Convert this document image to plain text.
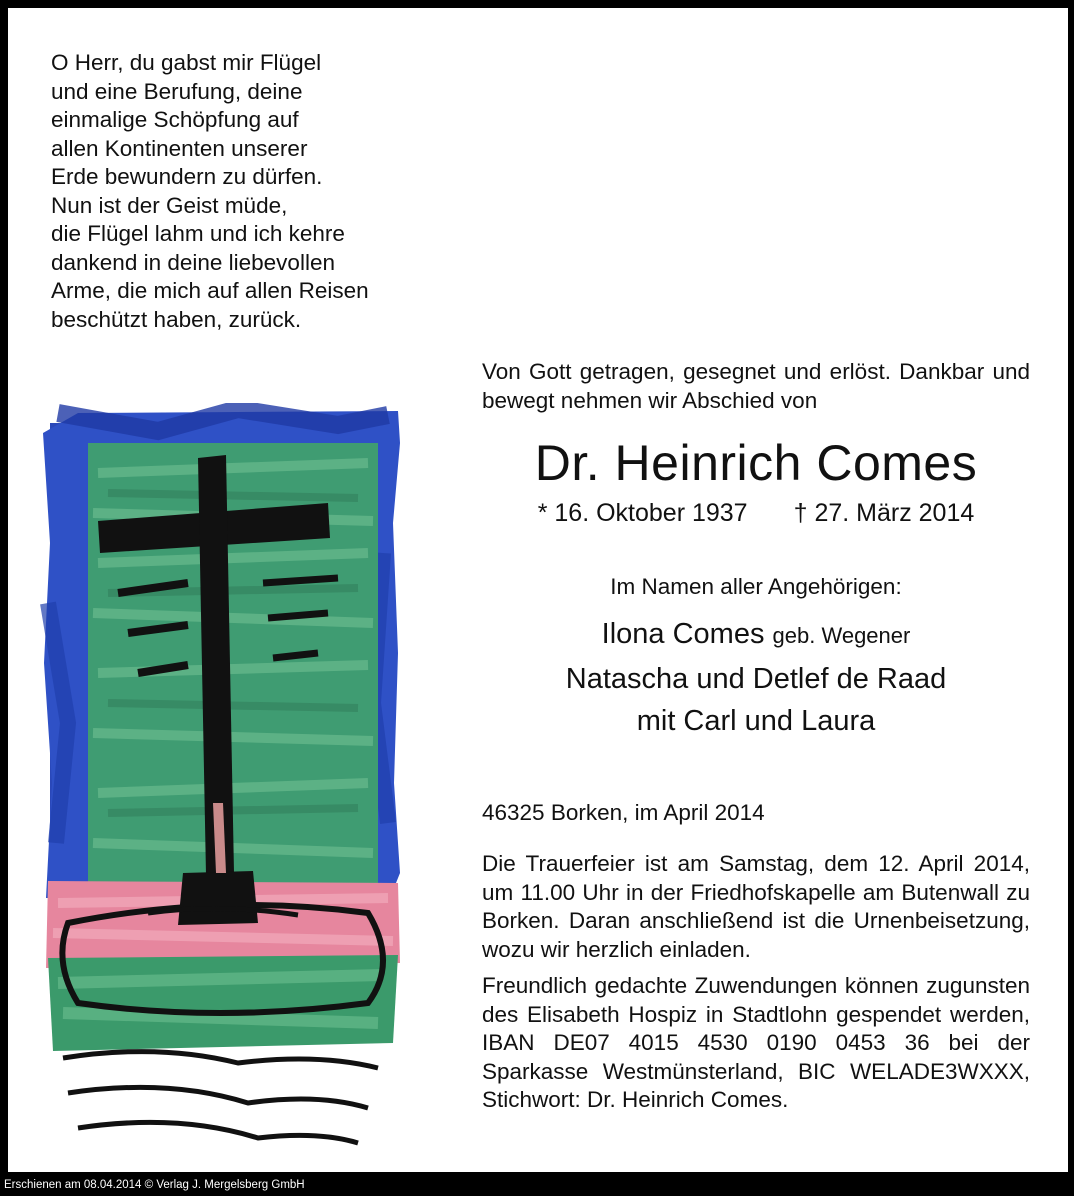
O Herr, du gabst mir Flügel
und eine Berufung, deine
einmalige Schöpfung auf
allen Kontinenten unserer
Erde bewundern zu dürfen.
Nun ist der Geist müde,
die Flügel lahm und ich kehre
dankend in deine liebevollen
Arme, die mich auf allen Reisen
beschützt haben, zurück.

Von Gott getragen, gesegnet und erlöst. Dankbar und bewegt nehmen wir Abschied von

Dr. Heinrich Comes
* 16. Oktober 1937 † 27. März 2014
Im Namen aller Angehörigen:
Ilona Comes geb. Wegener
Natascha und Detlef de Raad
mit Carl und Laura
46325 Borken, im April 2014

Die Trauerfeier ist am Samstag, dem 12. April 2014, um 11.00 Uhr in der Friedhofskapelle am Butenwall zu Borken. Daran anschließend ist die Urnenbeisetzung, wozu wir herzlich einladen.

Freundlich gedachte Zuwendungen können zugunsten des Elisabeth Hospiz in Stadtlohn gespendet werden, IBAN DE07 4015 4530 0190 0453 36 bei der Sparkasse Westmünsterland, BIC WELADE3WXXX, Stichwort: Dr. Heinrich Comes.

Erschienen am 08.04.2014 © Verlag J. Mergelsberg GmbH
